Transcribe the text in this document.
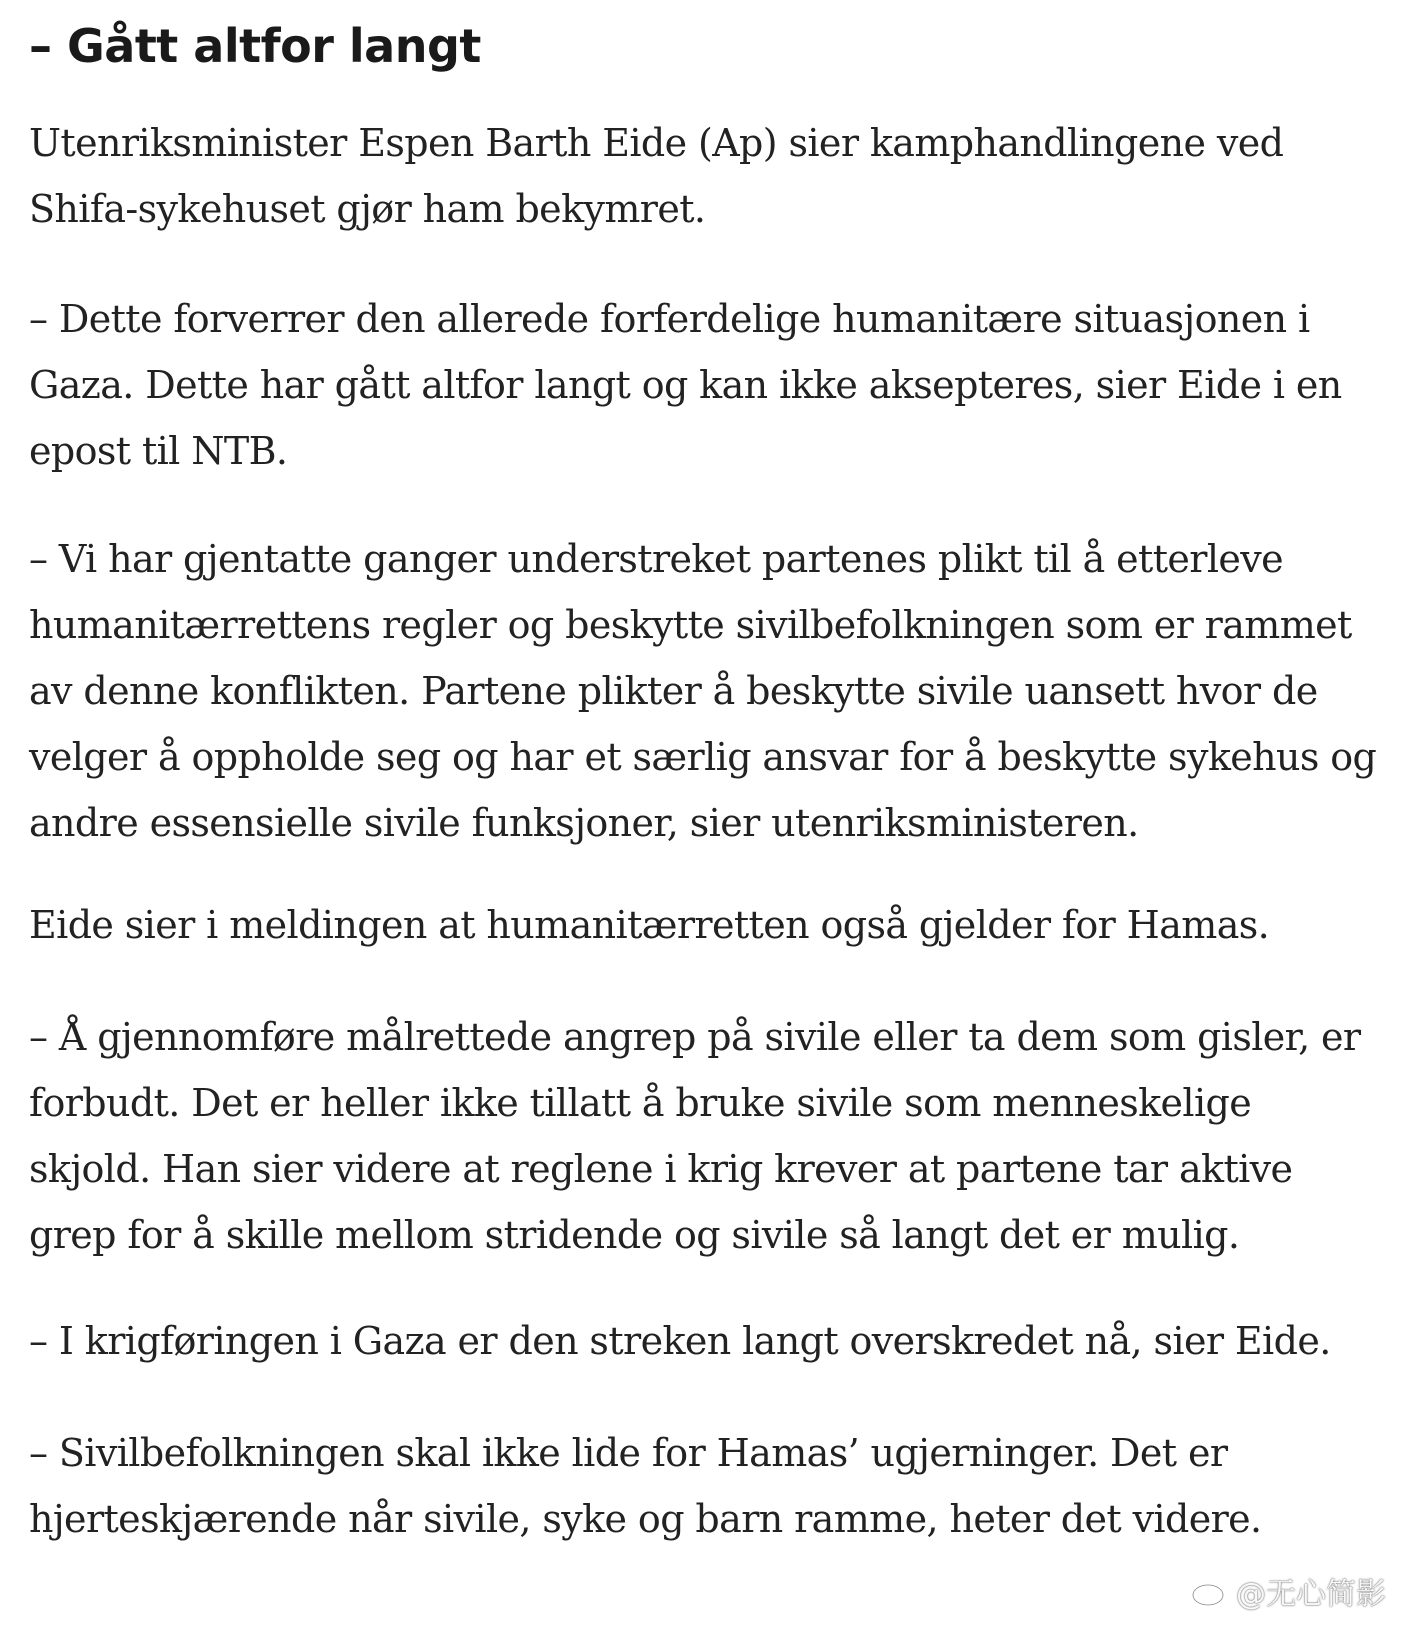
– Gått altfor langt

Utenriksminister Espen Barth Eide (Ap) sier kamphandlingene ved Shifa-sykehuset gjør ham bekymret.

– Dette forverrer den allerede forferdelige humanitære situasjonen i Gaza. Dette har gått altfor langt og kan ikke aksepteres, sier Eide i en epost til NTB.

– Vi har gjentatte ganger understreket partenes plikt til å etterleve humanitærrettens regler og beskytte sivilbefolkningen som er rammet av denne konflikten. Partene plikter å beskytte sivile uansett hvor de velger å oppholde seg og har et særlig ansvar for å beskytte sykehus og andre essensielle sivile funksjoner, sier utenriksministeren.

Eide sier i meldingen at humanitærretten også gjelder for Hamas.

– Å gjennomføre målrettede angrep på sivile eller ta dem som gisler, er forbudt. Det er heller ikke tillatt å bruke sivile som menneskelige skjold. Han sier videre at reglene i krig krever at partene tar aktive grep for å skille mellom stridende og sivile så langt det er mulig.

– I krigføringen i Gaza er den streken langt overskredet nå, sier Eide.

– Sivilbefolkningen skal ikke lide for Hamas’ ugjerninger. Det er hjerteskjærende når sivile, syke og barn ramme, heter det videre.

@无心简影
